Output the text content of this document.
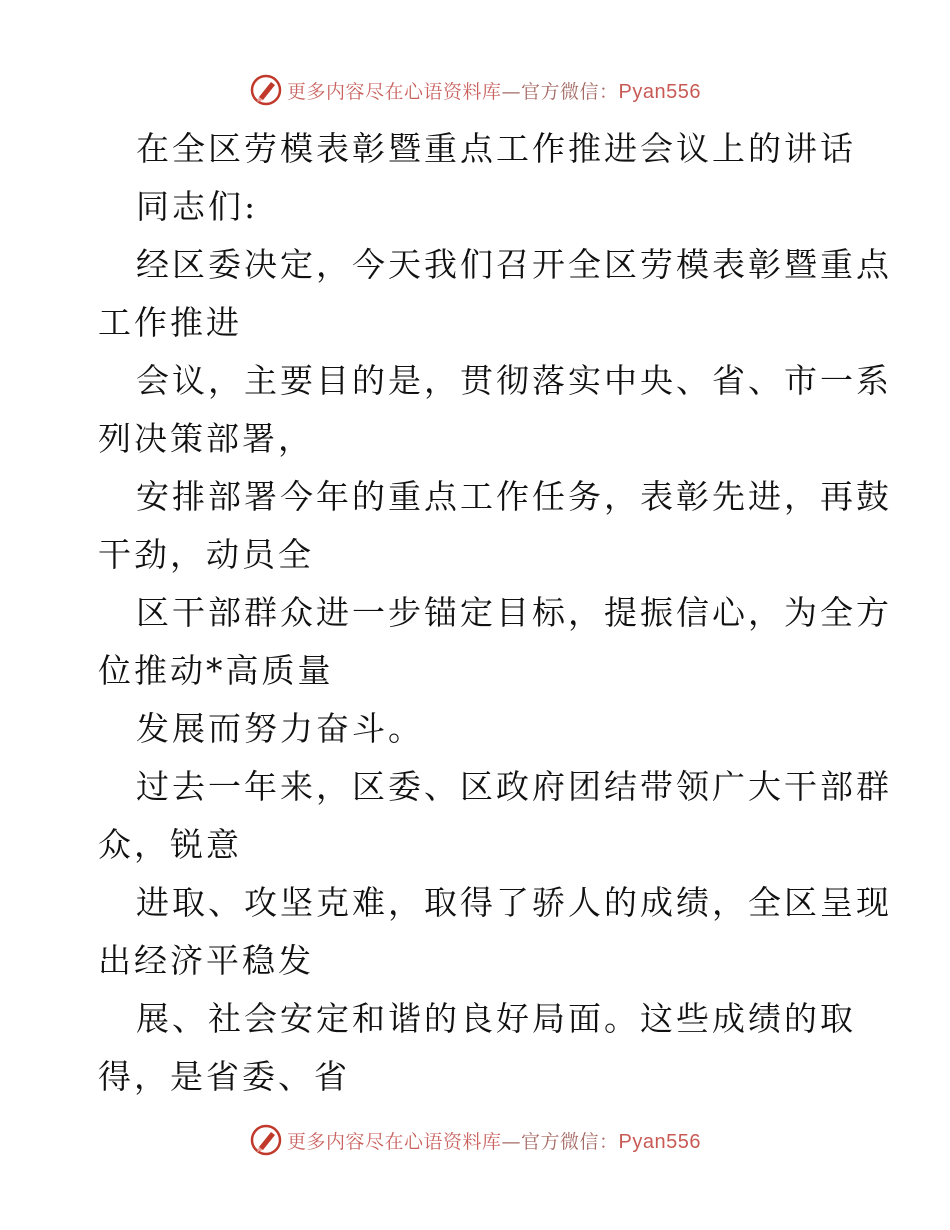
更多内容尽在心语资料库—官方微信：Pyan556
在全区劳模表彰暨重点工作推进会议上的讲话
同志们:
经区委决定，今天我们召开全区劳模表彰暨重点
工作推进
会议，主要目的是，贯彻落实中央、省、市一系
列决策部署，
安排部署今年的重点工作任务，表彰先进，再鼓
干劲，动员全
区干部群众进一步锚定目标，提振信心，为全方
位推动*高质量
发展而努力奋斗。
过去一年来，区委、区政府团结带领广大干部群
众，锐意
进取、攻坚克难，取得了骄人的成绩，全区呈现
出经济平稳发
展、社会安定和谐的良好局面。这些成绩的取
得，是省委、省
更多内容尽在心语资料库—官方微信：Pyan556
